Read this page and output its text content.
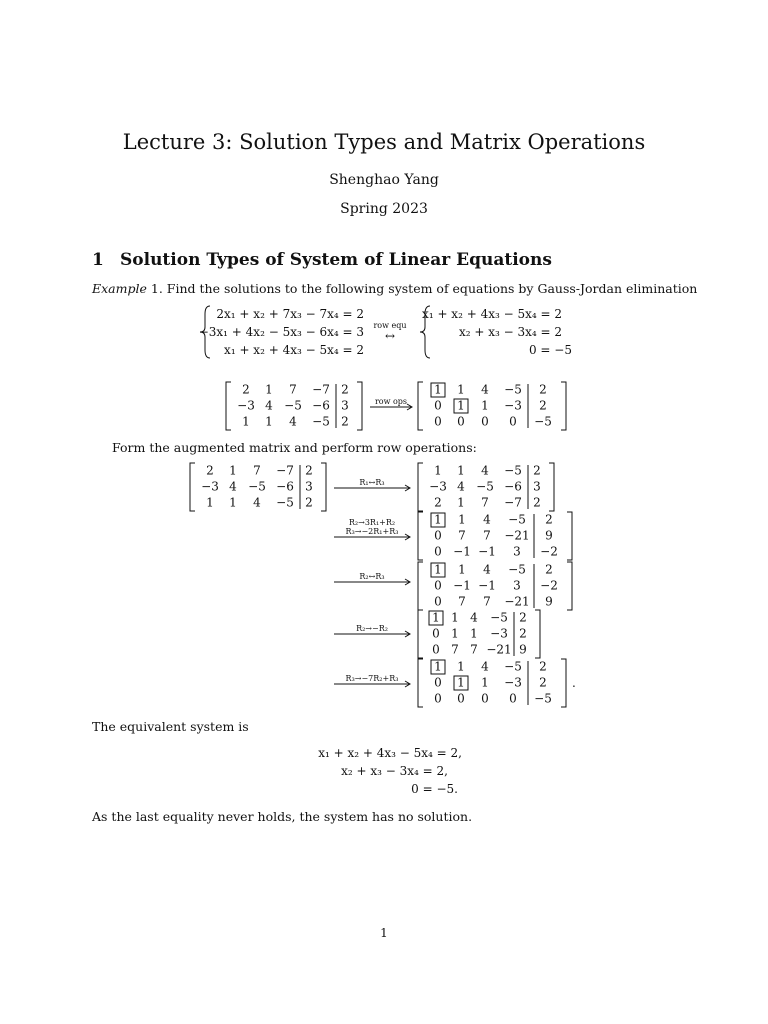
Lecture 3: Solution Types and Matrix Operations
Shenghao Yang
Spring 2023
1 Solution Types of System of Linear Equations
Example 1. Find the solutions to the following system of equations by Gauss-Jordan elimination
2x₁ + x₂ + 7x₃ − 7x₄ = 2
−3x₁ + 4x₂ − 5x₃ − 6x₄ = 3
x₁ + x₂ + 4x₃ − 5x₄ = 2
row equ
↔
x₁ + x₂ + 4x₃ − 5x₄ = 2
x₂ + x₃ − 3x₄ = 2
0 = −5
2 1 7 −7 2
−3 4 −5 −6 3
1 1 4 −5 2
row ops
1 1 4 −5 2
0 1 1 −3 2
0 0 0 0 −5
2 1 7 −7 2
−3 4 −5 −6 3
1 1 4 −5 2
R₁↔R₃
1 1 4 −5 2
−3 4 −5 −6 3
2 1 7 −7 2
R₂→3R₁+R₂
R₃→−2R₁+R₃
1 1 4 −5 2
0 7 7 −21 9
0 −1 −1 3 −2
R₂↔R₃	1 1 4 −5 2
0 −1 −1 3 −2
0 7 7 −21 9
R₂→−R₂
1 1 4 −5 2
0 1 1 −3 2
0 7 7 −21 9
R₃→−7R₂+R₃
1 1 4 −5 2
0 1 1 −3 2
0 0 0 0 −5
.
x₁ + x₂ + 4x₃ − 5x₄ = 2,
x₂ + x₃ − 3x₄ = 2,
0 = −5.
Form the augmented matrix and perform row operations:
The equivalent system is
As the last equality never holds, the system has no solution.
1
